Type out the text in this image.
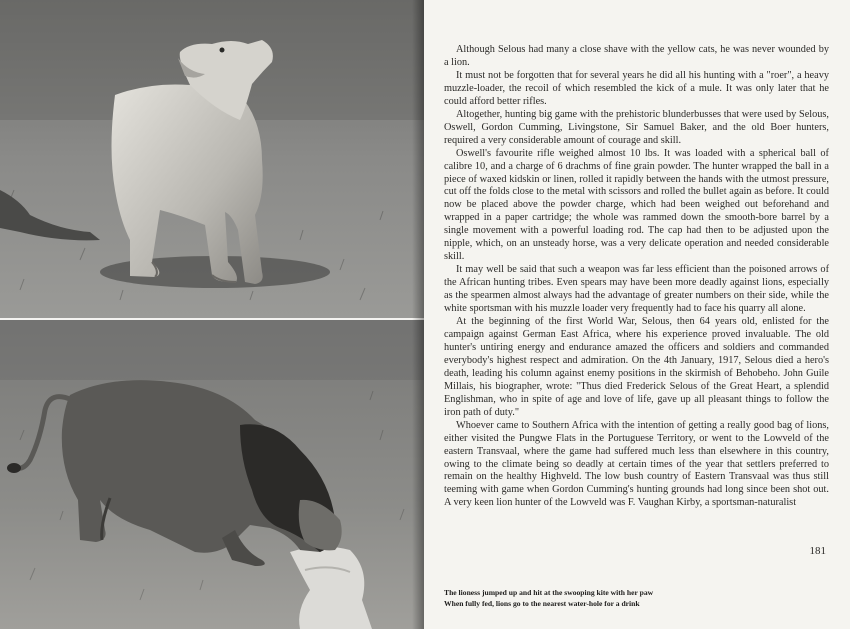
Although Selous had many a close shave with the yellow cats, he was never wounded by a lion.

It must not be forgotten that for several years he did all his hunting with a "roer", a heavy muzzle-loader, the recoil of which resembled the kick of a mule. It was only later that he could afford better rifles.

Altogether, hunting big game with the prehistoric blunderbusses that were used by Selous, Oswell, Gordon Cumming, Livingstone, Sir Samuel Baker, and the old Boer hunters, required a very considerable amount of courage and skill.

Oswell's favourite rifle weighed almost 10 lbs. It was loaded with a spherical ball of calibre 10, and a charge of 6 drachms of fine grain powder. The hunter wrapped the ball in a piece of waxed kidskin or linen, rolled it rapidly between the hands with the utmost pressure, cut off the folds close to the metal with scissors and rolled the bullet again as before. It could now be placed above the powder charge, which had been weighed out beforehand and wrapped in a paper cartridge; the whole was rammed down the smooth-bore barrel by a single movement with a powerful loading rod. The cap had then to be adjusted upon the nipple, which, on an unsteady horse, was a very delicate operation and needed considerable skill.

It may well be said that such a weapon was far less efficient than the poisoned arrows of the African hunting tribes. Even spears may have been more deadly against lions, especially as the spearmen almost always had the advantage of greater numbers on their side, while the white sportsman with his muzzle loader very frequently had to face his quarry all alone.

At the beginning of the first World War, Selous, then 64 years old, enlisted for the campaign against German East Africa, where his experience proved invaluable. The old hunter's untiring energy and endurance amazed the officers and soldiers and commanded everybody's highest respect and admiration. On the 4th January, 1917, Selous died a hero's death, leading his column against enemy positions in the skirmish of Behobeho. John Guile Millais, his biographer, wrote: "Thus died Frederick Selous of the Great Heart, a splendid Englishman, who in spite of age and love of life, gave up all pleasant things to follow the iron path of duty."

Whoever came to Southern Africa with the intention of getting a really good bag of lions, either visited the Pungwe Flats in the Portuguese Territory, or went to the Lowveld of the eastern Transvaal, where the game had suffered much less than elsewhere in this country, owing to the climate being so deadly at certain times of the year that settlers preferred to remain on the healthy Highveld. The low bush country of Eastern Transvaal was thus still teeming with game when Gordon Cumming's hunting grounds had long since been shot out. A very keen lion hunter of the Lowveld was F. Vaughan Kirby, a sportsman-naturalist

181
The lioness jumped up and hit at the swooping kite with her paw
When fully fed, lions go to the nearest water-hole for a drink
